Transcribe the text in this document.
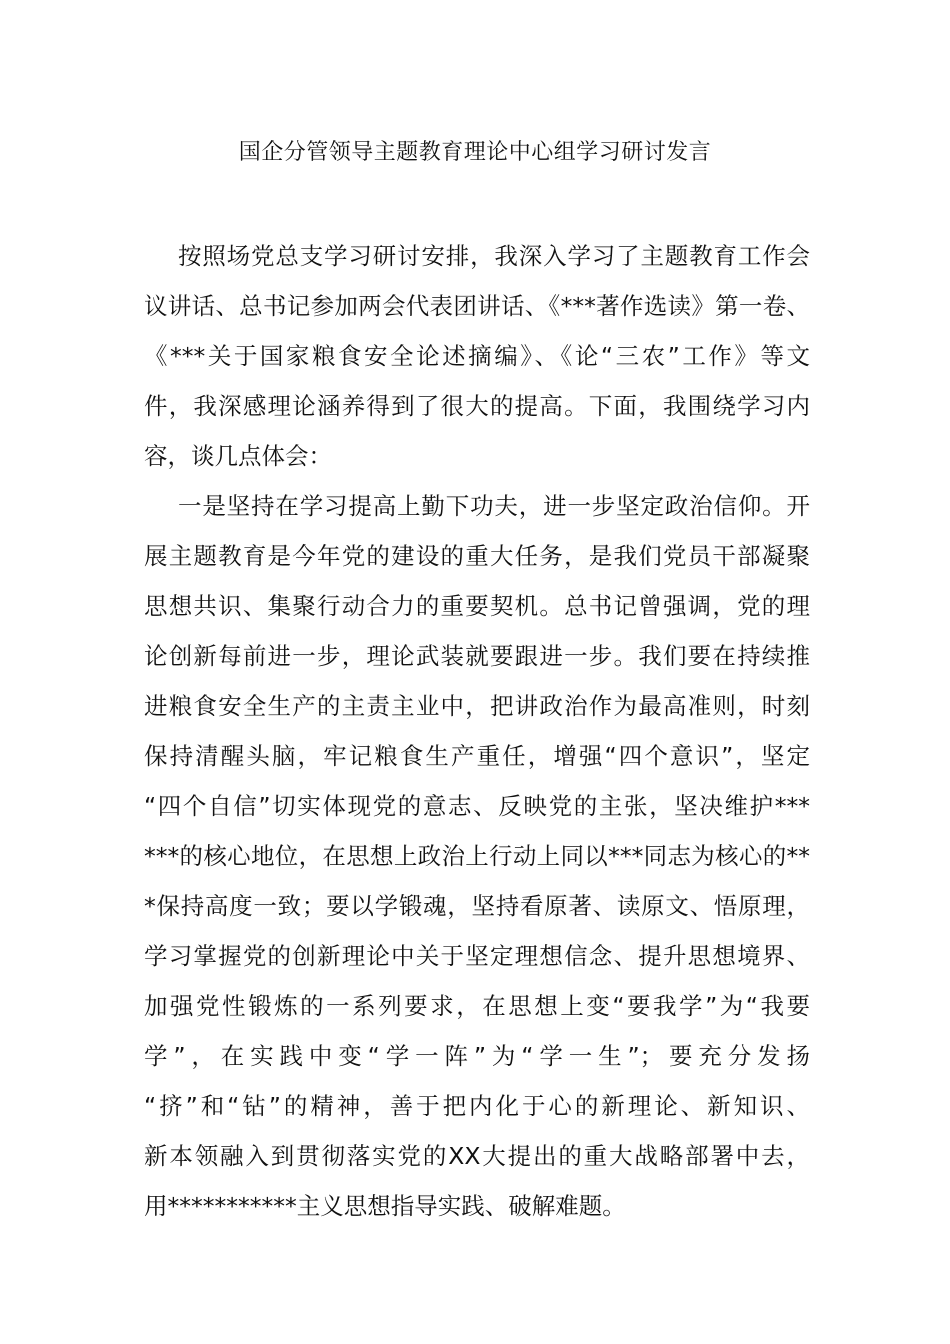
国企分管领导主题教育理论中心组学习研讨发言
按照场党总支学习研讨安排，我深入学习了主题教育工作会
议讲话、总书记参加两会代表团讲话、《***著作选读》第一卷、
《***关于国家粮食安全论述摘编》、《论“三农”工作》等文
件，我深感理论涵养得到了很大的提高。下面，我围绕学习内
容，谈几点体会：
一是坚持在学习提高上勤下功夫，进一步坚定政治信仰。开
展主题教育是今年党的建设的重大任务，是我们党员干部凝聚
思想共识、集聚行动合力的重要契机。总书记曾强调，党的理
论创新每前进一步，理论武装就要跟进一步。我们要在持续推
进粮食安全生产的主责主业中，把讲政治作为最高准则，时刻
保持清醒头脑，牢记粮食生产重任，增强“四个意识”，坚定
“四个自信”切实体现党的意志、反映党的主张，坚决维护***
***的核心地位，在思想上政治上行动上同以***同志为核心的**
*保持高度一致；要以学锻魂，坚持看原著、读原文、悟原理，
学习掌握党的创新理论中关于坚定理想信念、提升思想境界、
加强党性锻炼的一系列要求，在思想上变“要我学”为“我要
学”，在实践中变“学一阵”为“学一生”；要充分发扬
“挤”和“钻”的精神，善于把内化于心的新理论、新知识、
新本领融入到贯彻落实党的XX大提出的重大战略部署中去，
用***********主义思想指导实践、破解难题。
